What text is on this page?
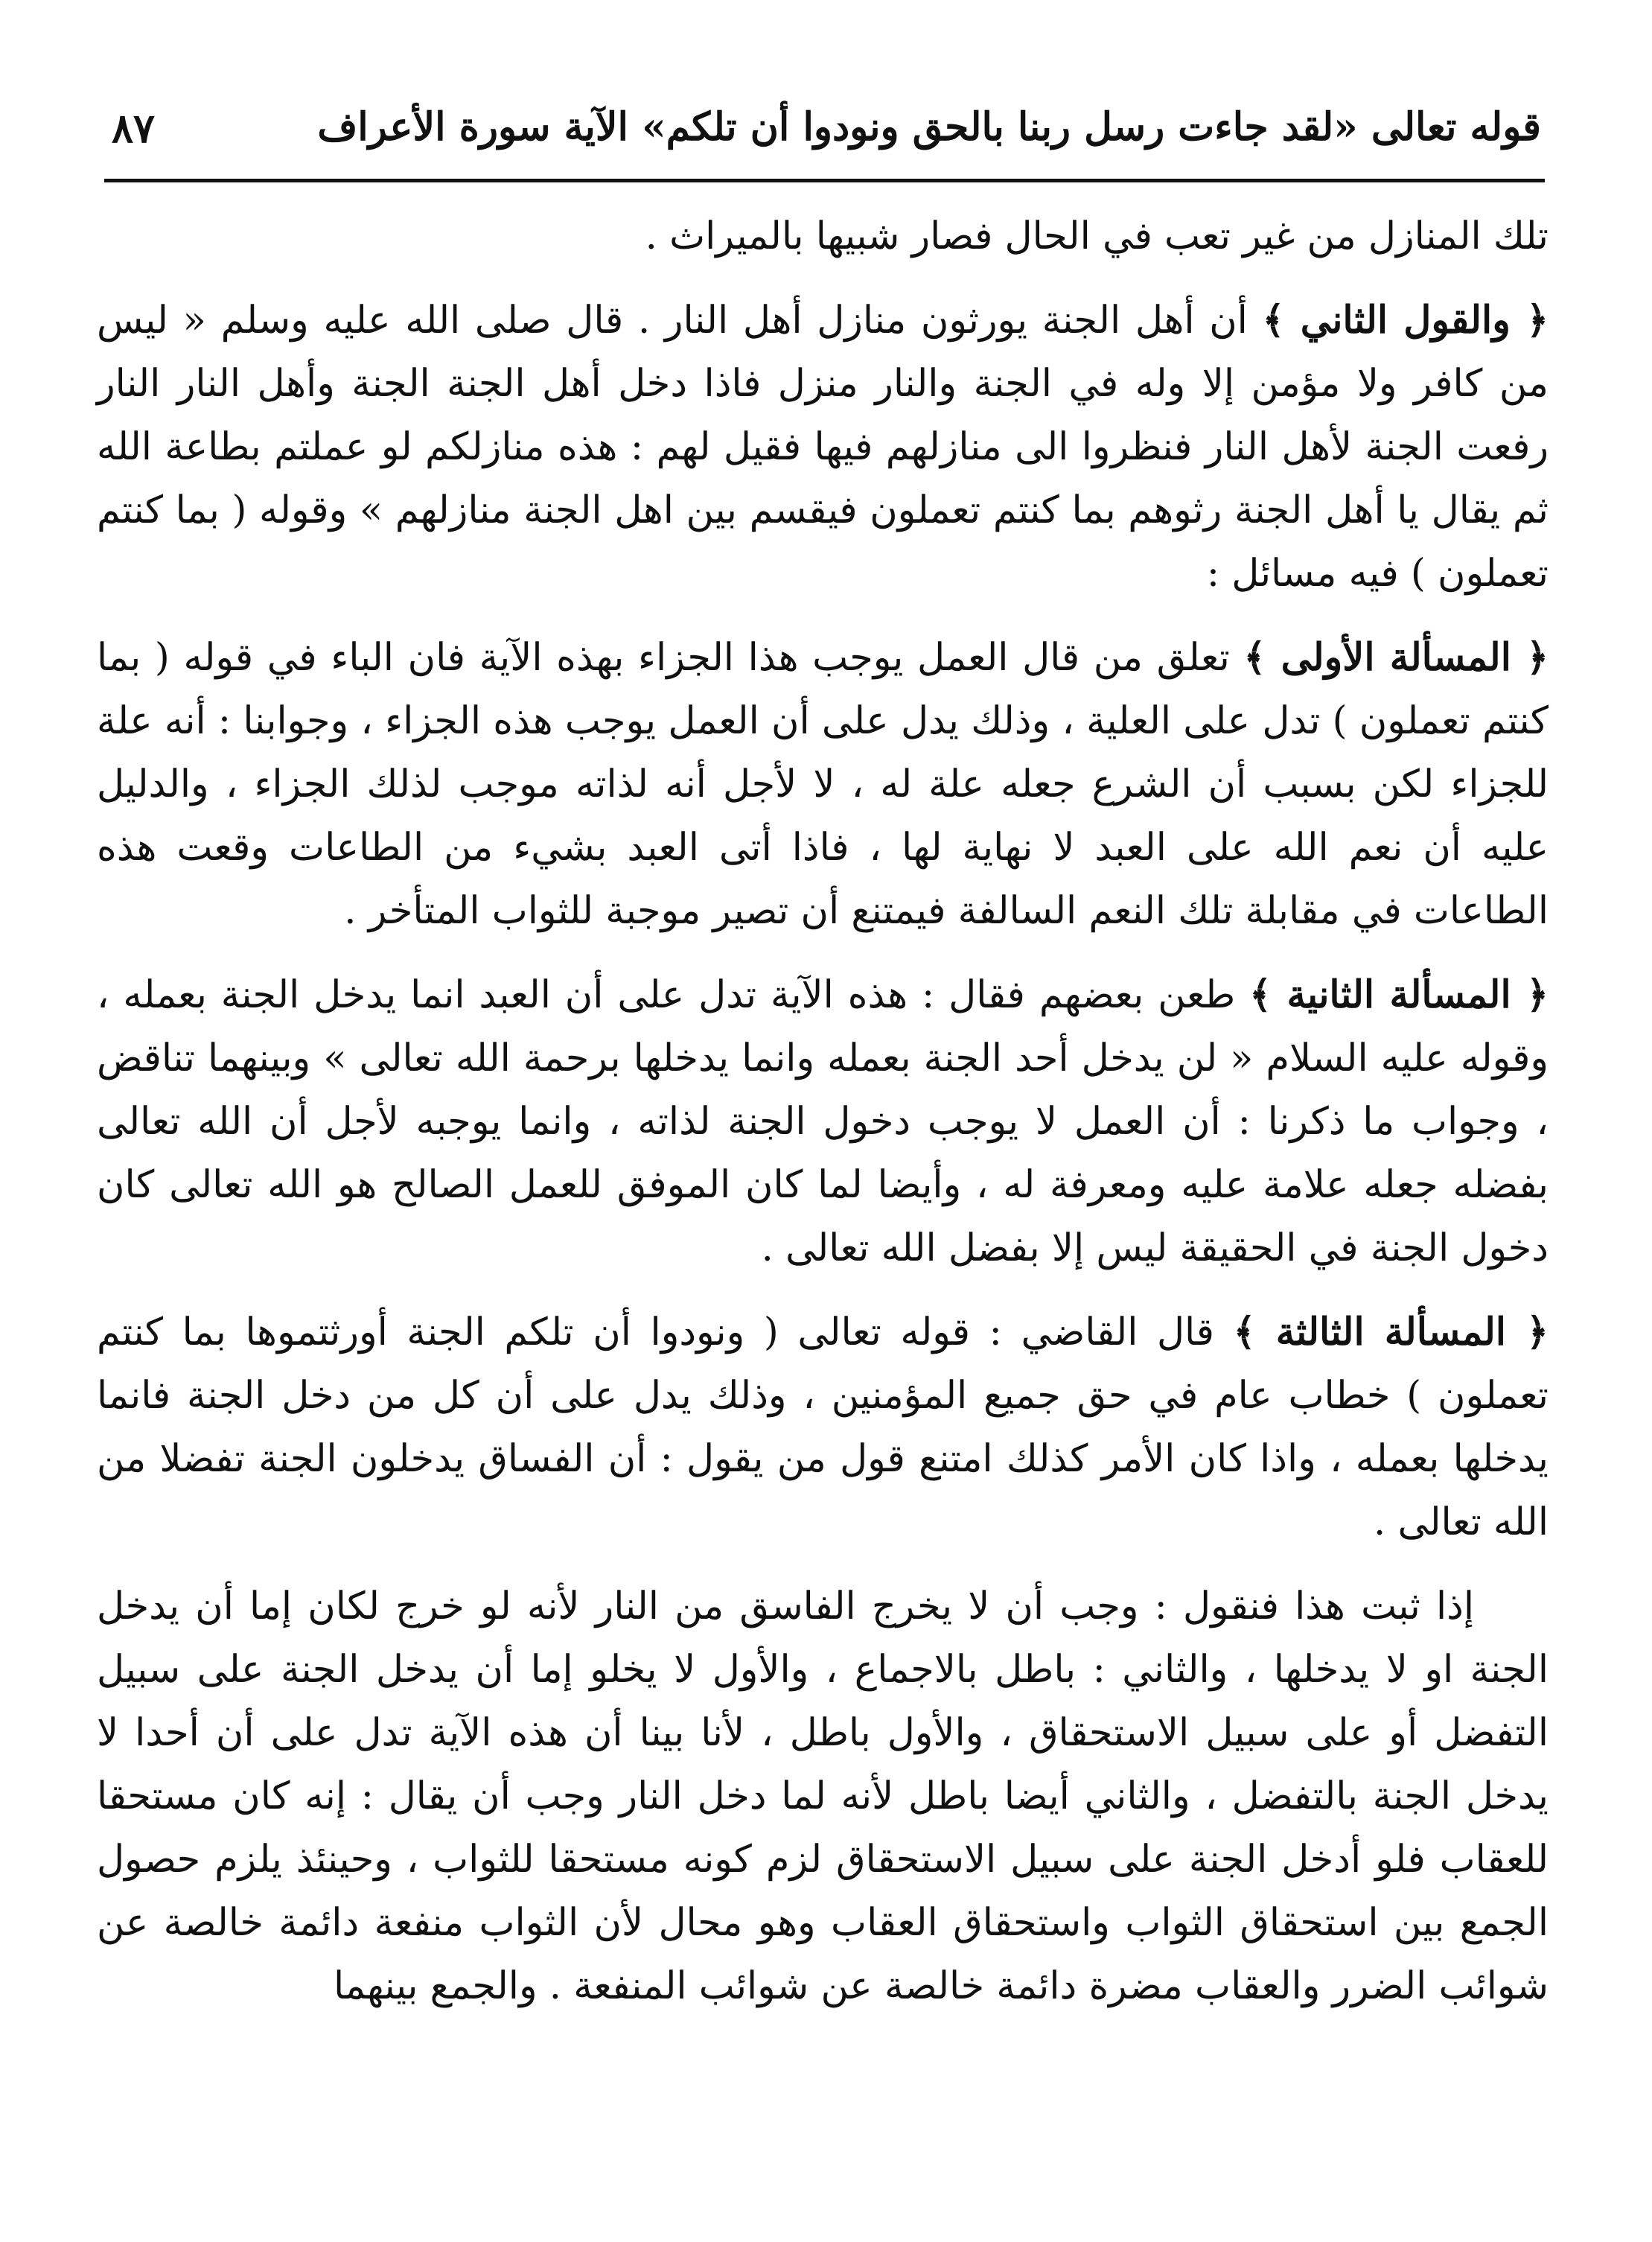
٨٧	قوله تعالى «لقد جاءت رسل ربنا بالحق ونودوا أن تلكم» الآية سورة الأعراف

تلك المنازل من غير تعب في الحال فصار شبيها بالميراث .

﴿ والقول الثاني ﴾ أن أهل الجنة يورثون منازل أهل النار . قال صلى الله عليه وسلم « ليس من كافر ولا مؤمن إلا وله في الجنة والنار منزل فاذا دخل أهل الجنة الجنة وأهل النار النار رفعت الجنة لأهل النار فنظروا الى منازلهم فيها فقيل لهم : هذه منازلكم لو عملتم بطاعة الله ثم يقال يا أهل الجنة رثوهم بما كنتم تعملون فيقسم بين اهل الجنة منازلهم » وقوله ( بما كنتم تعملون ) فيه مسائل :

﴿ المسألة الأولى ﴾ تعلق من قال العمل يوجب هذا الجزاء بهذه الآية فان الباء في قوله ( بما كنتم تعملون ) تدل على العلية ، وذلك يدل على أن العمل يوجب هذه الجزاء ، وجوابنا : أنه علة للجزاء لكن بسبب أن الشرع جعله علة له ، لا لأجل أنه لذاته موجب لذلك الجزاء ، والدليل عليه أن نعم الله على العبد لا نهاية لها ، فاذا أتى العبد بشيء من الطاعات وقعت هذه الطاعات في مقابلة تلك النعم السالفة فيمتنع أن تصير موجبة للثواب المتأخر .

﴿ المسألة الثانية ﴾ طعن بعضهم فقال : هذه الآية تدل على أن العبد انما يدخل الجنة بعمله ، وقوله عليه السلام « لن يدخل أحد الجنة بعمله وانما يدخلها برحمة الله تعالى » وبينهما تناقض ، وجواب ما ذكرنا : أن العمل لا يوجب دخول الجنة لذاته ، وانما يوجبه لأجل أن الله تعالى بفضله جعله علامة عليه ومعرفة له ، وأيضا لما كان الموفق للعمل الصالح هو الله تعالى كان دخول الجنة في الحقيقة ليس إلا بفضل الله تعالى .

﴿ المسألة الثالثة ﴾ قال القاضي : قوله تعالى ( ونودوا أن تلكم الجنة أورثتموها بما كنتم تعملون ) خطاب عام في حق جميع المؤمنين ، وذلك يدل على أن كل من دخل الجنة فانما يدخلها بعمله ، واذا كان الأمر كذلك امتنع قول من يقول : أن الفساق يدخلون الجنة تفضلا من الله تعالى .

إذا ثبت هذا فنقول : وجب أن لا يخرج الفاسق من النار لأنه لو خرج لكان إما أن يدخل الجنة او لا يدخلها ، والثاني : باطل بالاجماع ، والأول لا يخلو إما أن يدخل الجنة على سبيل التفضل أو على سبيل الاستحقاق ، والأول باطل ، لأنا بينا أن هذه الآية تدل على أن أحدا لا يدخل الجنة بالتفضل ، والثاني أيضا باطل لأنه لما دخل النار وجب أن يقال : إنه كان مستحقا للعقاب فلو أدخل الجنة على سبيل الاستحقاق لزم كونه مستحقا للثواب ، وحينئذ يلزم حصول الجمع بين استحقاق الثواب واستحقاق العقاب وهو محال لأن الثواب منفعة دائمة خالصة عن شوائب الضرر والعقاب مضرة دائمة خالصة عن شوائب المنفعة . والجمع بينهما
